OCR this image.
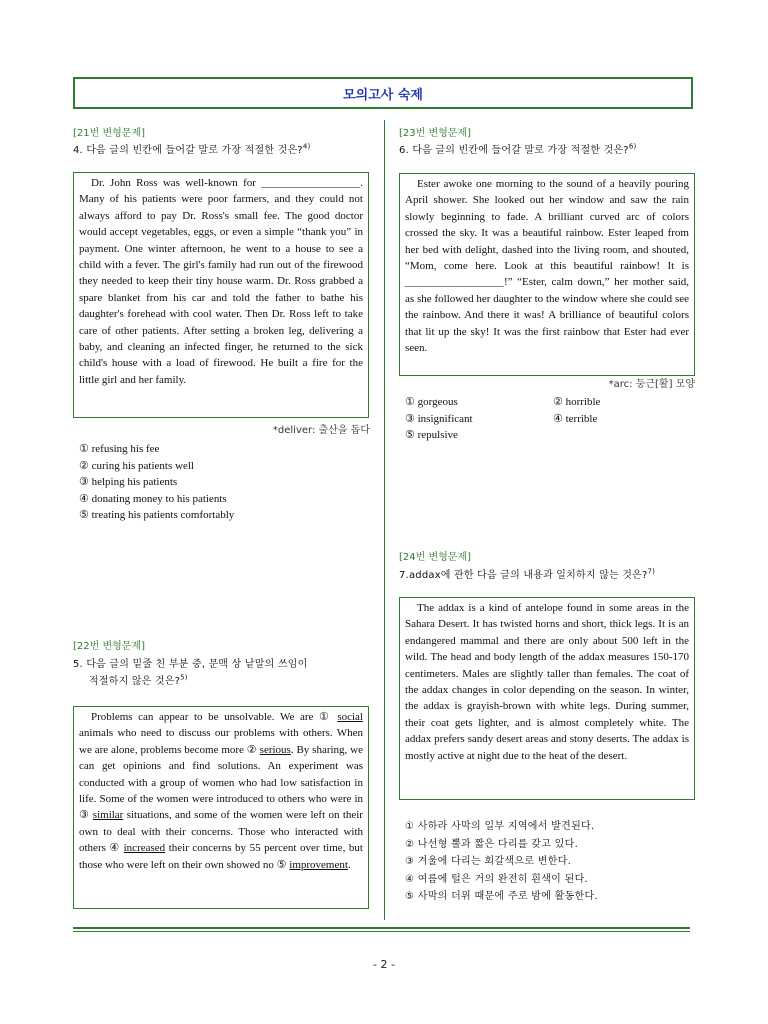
모의고사 숙제
[21번 변형문제]
4. 다음 글의 빈칸에 들어갈 말로 가장 적절한 것은?$^{4)}$

Dr. John Ross was well-known for __________________. Many of his patients were poor farmers, and they could not always afford to pay Dr. Ross's small fee. The good doctor would accept vegetables, eggs, or even a simple “thank you” in payment. One winter afternoon, he went to a house to see a child with a fever. The girl's family had run out of the firewood they needed to keep their tiny house warm. Dr. Ross grabbed a spare blanket from his car and told the father to bathe his daughter's forehead with cool water. Then Dr. Ross left to take care of other patients. After setting a broken leg, delivering a baby, and cleaning an infected finger, he returned to the sick child's house with a load of firewood. He built a fire for the little girl and her family.

*deliver: 출산을 돕다
① refusing his fee
② curing his patients well
③ helping his patients
④ donating money to his patients
⑤ treating his patients comfortably
[22번 변형문제]
5. 다음 글의 밑줄 친 부분 중, 문맥 상 낱말의 쓰임이
적절하지 않은 것은?$^{5)}$

Problems can appear to be unsolvable. We are ① social animals who need to discuss our problems with others. When we are alone, problems become more ② serious. By sharing, we can get opinions and find solutions. An experiment was conducted with a group of women who had low satisfaction in life. Some of the women were introduced to others who were in ③ similar situations, and some of the women were left on their own to deal with their concerns. Those who interacted with others ④ increased their concerns by 55 percent over time, but those who were left on their own showed no ⑤ improvement.

[23번 변형문제]
6. 다음 글의 빈칸에 들어갈 말로 가장 적절한 것은?$^{6)}$

Ester awoke one morning to the sound of a heavily pouring April shower. She looked out her window and saw the rain slowly beginning to fade. A brilliant curved arc of colors crossed the sky. It was a beautiful rainbow. Ester leaped from her bed with delight, dashed into the living room, and shouted, “Mom, come here. Look at this beautiful rainbow! It is __________________!” “Ester, calm down,” her mother said, as she followed her daughter to the window where she could see the rainbow. And there it was! A brilliance of beautiful colors that lit up the sky! It was the first rainbow that Ester had ever seen.

*arc: 둥근[활] 모양
① gorgeous	② horrible
③ insignificant	④ terrible
⑤ repulsive
[24번 변형문제]
7.addax에 관한 다음 글의 내용과 일치하지 않는 것은?$^{7)}$

The addax is a kind of antelope found in some areas in the Sahara Desert. It has twisted horns and short, thick legs. It is an endangered mammal and there are only about 500 left in the wild. The head and body length of the addax measures 150-170 centimeters. Males are slightly taller than females. The coat of the addax changes in color depending on the season. In winter, the addax is grayish-brown with white legs. During summer, their coat gets lighter, and is almost completely white. The addax prefers sandy desert areas and stony deserts. The addax is mostly active at night due to the heat of the desert.

① 사하라 사막의 일부 지역에서 발견된다.
② 나선형 뿔과 짧은 다리를 갖고 있다.
③ 겨울에 다리는 회갈색으로 변한다.
④ 여름에 털은 거의 완전히 흰색이 된다.
⑤ 사막의 더위 때문에 주로 밤에 활동한다.
- 2 -
